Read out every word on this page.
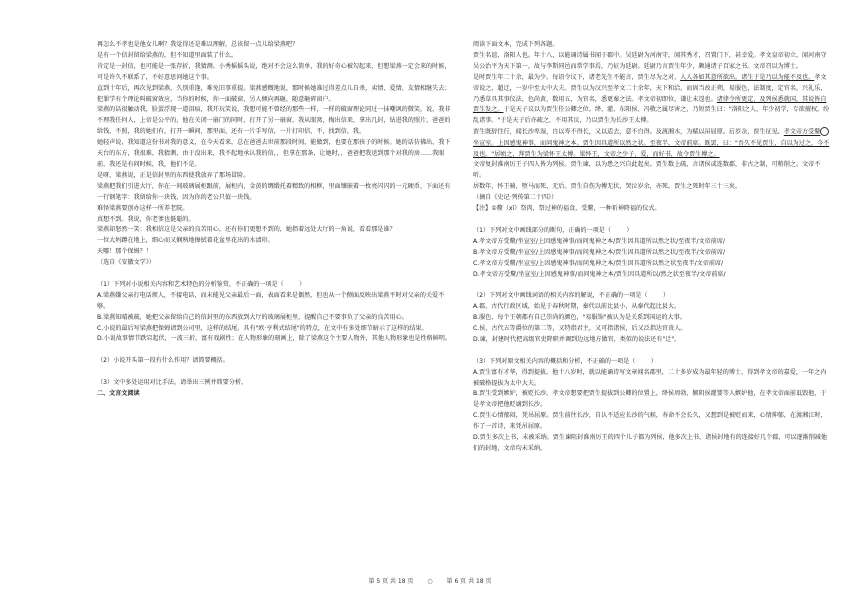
再怎么不孝也是他女儿啊？我觉得还是难以理解，总该留一点儿给梁燕吧？

是有一个信封留给梁燕的，但不知道里面装了什么。

肯定是一封信，也可能是一张存折，我猜测。小秀摇摇头说，绝对不会这么简单，我的好奇心被勾起来，但想梁燕一定会来的时候，可是许久不联系了，不好意思问她这个事。

直到十年后，再次见到梁燕，久别重逢，难免旧事重提。梁燕感慨地说，那时候她准过得差点儿自杀，卖情、爱情、友情相继失去；犯罪学有个理论叫破窗效应，当你的时候，你一面破窗，另人倾向再砸，随意砸碎窗户。

梁燕的话很触动我，脸蛋浮现一道泪痕，我开玩笑说，我想可能不曾经的那些一样，一样的破窗理论同过一抹嘲讽的微笑，说，我非不理我任何人，上帝是公平的，他在关闭一扇门的同时，打开了另一扇窗，我从眼窝，掏出信来，拿出几封，钻进我的照片，爸爸的给钱，不照，我的她们有，打开一瞬间，那里面，还有一片手写信，一片打印信，不，找到信，我。

她轻声说，我知道这份书对我的意义，在今天看来，总在爸爸去世前那段时间，能做到，也要在那孩子的时候。她的话仿佛出，我下天台的东方，我很难，我猜测，由于没出来，我不起地承认我的信，，但拿在那条，让她时，，爸爸把我送到那个对我的房……我眼前，我还是有问时候，我，他们不是。

是呀，梁燕说，正是信封里的东西使我放弃了那场冒险。

梁燕把我们引进大厅，你在一间玻璃展柜跟前，展柜内，金黄的绸缎托着精致的相框，里面镶嵌着一枚亮闪闪的一元硬币，下面还有一行钢笔字：我留给你一块钱，因为你的老公只值一块钱。

难怪梁燕要创办这样一所养老院。

真想不到。我说，你老爹也挺聪的。

梁燕却怒然一笑：我相信这是父亲的良苦用心，还有你们更想不到的，她指着远处大厅的一角说，看看那是谁？

一位大妈蹲在地上，细心而又娴熟地擦拭着花盆里花出的水渍印。

天哪！那个保姆？！

（选自《安徽文学》）

（1）下列对小说相关内容和艺术特色的分析鉴赏，不正确的一项是（        ）

A.梁燕嫌父亲打电话烦人，不接电话，而未能见父亲最后一面，表面看来是偶然，但也从一个侧面反映出梁燕平时对父亲的关爱不够。

B.梁燕知晴被疏，她把父亲留给自己的信封里的东西放到大厅的玻璃展柜里，提醒自己不要事负了父亲的良苦用心。

C.小说的最后写梁燕把保姆请到公司里，这样的结尾，具有"欧·亨利式结尾"的特点，在文中有多处细节暗示了这样的结果。

D.小说故事情节跌宕起伏，一波三折，富有戏剧性；在人物形象的刻画上，除了梁燕这个主要人物外，其他人物形象也是性格鲜明。

（2）小说开头第一段有什么作用？请简要概括。

（3）文中多处运用对比手法，请举出三例并简要分析。

二、文言文阅读

阅读下面文本，完成下列各题。

贾生名谊，洛阳人也。年十八，以能诵诗属书闻于郡中。吴廷尉为河南守，闻其秀才，召置门下，甚幸爱。孝文皇帝初立，闻河南守吴公治平为天下第一，故与李斯同邑而常学事焉，乃征为廷尉。廷尉乃言贾生年少，颇通诸子百家之书。文帝召以为博士。

是时贾生年二十余，最为少。每诏令议下，诸老先生不能言，贾生尽为之对，人人各如其意所欲出。诸生于是乃以为能不及也。孝文帝说之，超迁，一岁中至太中大夫。贾生以为汉兴至孝文二十余年，天下和洽，而固当改正朔，易服色，法制度，定官名，兴礼乐，乃悉草具其事仪法，色尚黄，数用五，为官名，悉更秦之法。孝文帝初即位，谦让未遑也。诸律令所更定，及列侯悉就国，其说皆自贾生发之。于是天子议以为贾生任公卿之位。绛、灌、东阳侯、冯敬之属尽害之，乃短贾生曰："洛阳之人，年少初学，专欲擅权，纷乱诸事。"于是天子后亦疏之，不用其议，乃以贾生为长沙王太傅。

贾生既辞往行，闻长沙卑湿，自以寿不得长，又以适去，意不自得。及渡湘水，为赋以吊屈原。后岁余，贾生征见。孝文帝方受釐坐宣室。上因感鬼神事，而问鬼神之本。贾生因具道所以然之状。至夜半，文帝前席。既罢，曰："吾久不见贾生，自以为过之，今不及也。"居顷之，拜贾生为梁怀王太傅。梁怀王，文帝之少子，爱，而好书，故令贾生傅之。

文帝复封淮南厉王子四人皆为列侯。贾生谏，以为患之兴自此起矣。贾生数上疏，言诸侯或连数郡，非古之制，可稍削之。文帝不听。

居数年，怀王骑，堕马而死，无后。贾生自伤为傅无状，哭泣岁余，亦死。贾生之死时年三十三矣。

（摘自《史记·列传第二十四》）

【注】①釐（xī）祭肉，祭过神的福食，受釐，一种祈神降福的仪式。

（1）下列对文中画线部分的断句，正确的一项是（        ）

A.孝文帝方受釐/坐宣室/上因感鬼神事/而问鬼神之本/贾生因具道所以然之状/至夜半/文帝前席/

B.孝文帝方受釐/坐宣室/上因感鬼神事/而问鬼神之本/贾生因具道所以然之状/至夜半/文帝前席/

C.孝文帝方受釐/坐宣室/上因感鬼神事/而问鬼神之本/贾生因具道所以然之状至夜半/文帝前席/

D.孝文帝方受釐/坐宣室/上因感鬼神事/而问鬼神之本/贾生因具道所以/然之状至夜半/文帝前席/

（2）下列对文中画线词语的相关内容的解说，不正确的一项是（        ）

A.郡，古代行政区域，始见于春秋时期，秦代以前比县小，从秦代起比县大。

B.服色，每个王朝都有自己崇尚的颜色，"易服饰"被认为是关系到国运的大事。

C.侯，古代五等爵位的第二等，又特指君主，又可指诸侯，后又泛指达官贵人。

D.谏，封建时代把高级官吏降职并调到边远地方做官，类似的说法还有"迁"。

（3）下列对原文相关内容的概括和分析，不正确的一项是（        ）

A.贾生富有才华，得到提拔。他十八岁时，就以能诵诗写文章闻名郡里，二十多岁成为最年轻的博士，得到孝文帝的嘉爱，一年之内被破格提拔为太中大夫。

B.贾生受到嫉妒，被贬长沙。孝文帝想要把贾生提拔到公卿的位置上，绛侯周勃、颍阴侯灌婴等人嫉妒他，在孝文帝面前诋毁他，于是孝文帝把他贬谪到长沙。

C.贾生心情郁闷，凭吊屈原。贾生前往长沙，自认不适应长沙的气候，寿命不会长久，又想到是被贬而来，心情抑郁，在渡湘江时，作了一首诗，来凭吊屈原。

D.贾生多次上书，未被采纳。贾生谏阻封淮南厉王的四个儿子都为列侯，他多次上书，诸侯封地有的连接好几个郡，可以逐渐削减他们的封地，文帝均未采纳。

第 5 页 共 18 页 ○ 第 6 页 共 18 页
